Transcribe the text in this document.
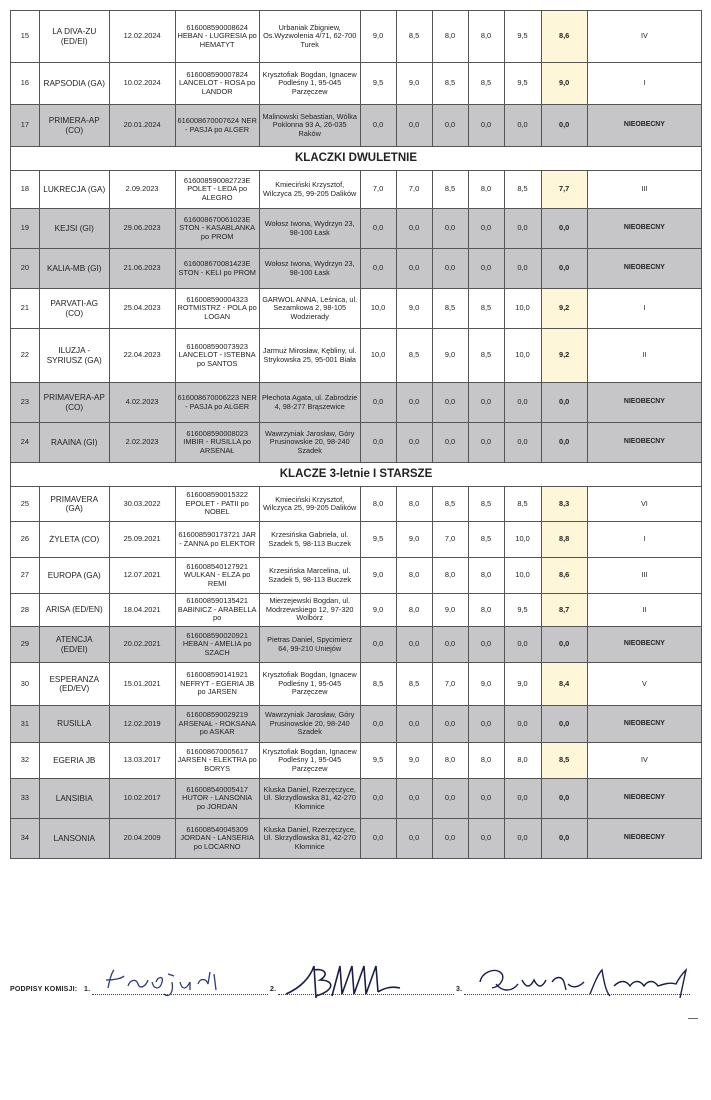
15	LA DIVA-ZU (ED/EI)	12.02.2024	616008590008624 HEBAN - LUGRESIA po HEMATYT	Urbaniak Zbigniew, Os.Wyzwolenia 4/71, 62-700 Turek	9,0	8,5	8,0	8,0	9,5	8,6	IV
16	RAPSODIA (GA)	10.02.2024	616008590007824 LANCELOT - ROSA po LANDOR	Krysztofiak Bogdan, Ignacew Podleśny 1, 95-045 Parzęczew	9,5	9,0	8,5	8,5	9,5	9,0	I
17	PRIMERA-AP (CO)	20.01.2024	616008670007624 NER - PASJA po ALGER	Malinowski Sebastian, Wólka Poklonna 93 A, 26-035 Raków	0,0	0,0	0,0	0,0	0,0	0,0	NIEOBECNY
KLACZKI DWULETNIE											
18	LUKRECJA (GA)	2.09.2023	616008590082723E POLET - LEDA po ALEGRO	Kmieciński Krzysztof, Wilczyca 25, 99-205 Dalików	7,0	7,0	8,5	8,0	8,5	7,7	III
19	KEJSI (GI)	29.06.2023	616008670061023E STON - KASABLANKA po PROM	Wołosz Iwona, Wydrzyn 23, 98-100 Łask	0,0	0,0	0,0	0,0	0,0	0,0	NIEOBECNY
20	KALIA-MB (GI)	21.06.2023	616008670081423E STON - KELI po PROM	Wołosz Iwona, Wydrzyn 23, 98-100 Łask	0,0	0,0	0,0	0,0	0,0	0,0	NIEOBECNY
21	PARVATI-AG (CO)	25.04.2023	616008590004323 ROTMISTRZ - POLA po LOGAN	GARWOL ANNA, Leśnica, ul. Sezamkowa 2, 98-105 Wodzierady	10,0	9,0	8,5	8,5	10,0	9,2	I
22	ILUZJA - SYRIUSZ (GA)	22.04.2023	616008590073923 LANCELOT - ISTEBNA po SANTOS	Jarmuż Mirosław, Kębliny, ul. Strykowska 25, 95-001 Biała	10,0	8,5	9,0	8,5	10,0	9,2	II
23	PRIMAVERA-AP (CO)	4.02.2023	616008670006223 NER - PASJA po ALGER	Płechota Agata, ul. Zabrodzie 4, 98-277 Brąszewice	0,0	0,0	0,0	0,0	0,0	0,0	NIEOBECNY
24	RAAINA (GI)	2.02.2023	616008590008023 IMBIR - RUSILLA po ARSENAŁ	Wawrzyniak Jarosław, Góry Prusinowskie 20, 98-240 Szadek	0,0	0,0	0,0	0,0	0,0	0,0	NIEOBECNY
KLACZE 3-letnie I STARSZE											
25	PRIMAVERA (GA)	30.03.2022	616008590015322 EPOLET - PATII po NOBEL	Kmieciński Krzysztof, Wilczyca 25, 99-205 Dalików	8,0	8,0	8,5	8,5	8,5	8,3	VI
26	ŻYLETA (CO)	25.09.2021	616008590173721 JAR - ŻANNA po ELEKTOR	Krzesińska Gabriela, ul. Szadek 5, 98-113 Buczek	9,5	9,0	7,0	8,5	10,0	8,8	I
27	EUROPA (GA)	12.07.2021	616008540127921 WULKAN - ELZA po REMI	Krzesińska Marcelina, ul. Szadek 5, 98-113 Buczek	9,0	8,0	8,0	8,0	10,0	8,6	III
28	ARISA (ED/EN)	18.04.2021	616008590135421 BABINICZ - ARABELLA po	Mierzejewski Bogdan, ul. Modrzewskiego 12, 97-320 Wolbórz	9,0	8,0	9,0	8,0	9,5	8,7	II
29	ATENCJA (ED/EI)	20.02.2021	616008590020921 HEBAN - AMELIA po SZACH	Pietras Daniel, Spycimierz 64, 99-210 Uniejów	0,0	0,0	0,0	0,0	0,0	0,0	NIEOBECNY
30	ESPERANZA (ED/EV)	15.01.2021	616008590141921 NEFRYT - EGERIA JB po JARSEN	Krysztofiak Bogdan, Ignacew Podleśny 1, 95-045 Parzęczew	8,5	8,5	7,0	9,0	9,0	8,4	V
31	RUSILLA	12.02.2019	616008590029219 ARSENAŁ - ROKSANA po ASKAR	Wawrzyniak Jarosław, Góry Prusinowskie 20, 98-240 Szadek	0,0	0,0	0,0	0,0	0,0	0,0	NIEOBECNY
32	EGERIA JB	13.03.2017	616008670005617 JARSEN - ELEKTRA po BORYS	Krysztofiak Bogdan, Ignacew Podleśny 1, 95-045 Parzęczew	9,5	9,0	8,0	8,0	8,0	8,5	IV
33	LANSIBIA	10.02.2017	616008540005417 HUTOR - LANSONIA po JORDAN	Kluska Daniel, Rzerzęczyce, Ul. Skrzydlowska 81, 42-270 Kłomnice	0,0	0,0	0,0	0,0	0,0	0,0	NIEOBECNY
34	LANSONIA	20.04.2009	616008540045309 JORDAN - LANSERIA po LOCARNO	Kluska Daniel, Rzerzęczyce, Ul. Skrzydlowska 81, 42-270 Kłomnice	0,0	0,0	0,0	0,0	0,0	0,0	NIEOBECNY
PODPISY KOMISJI: 1.	2.	3.
